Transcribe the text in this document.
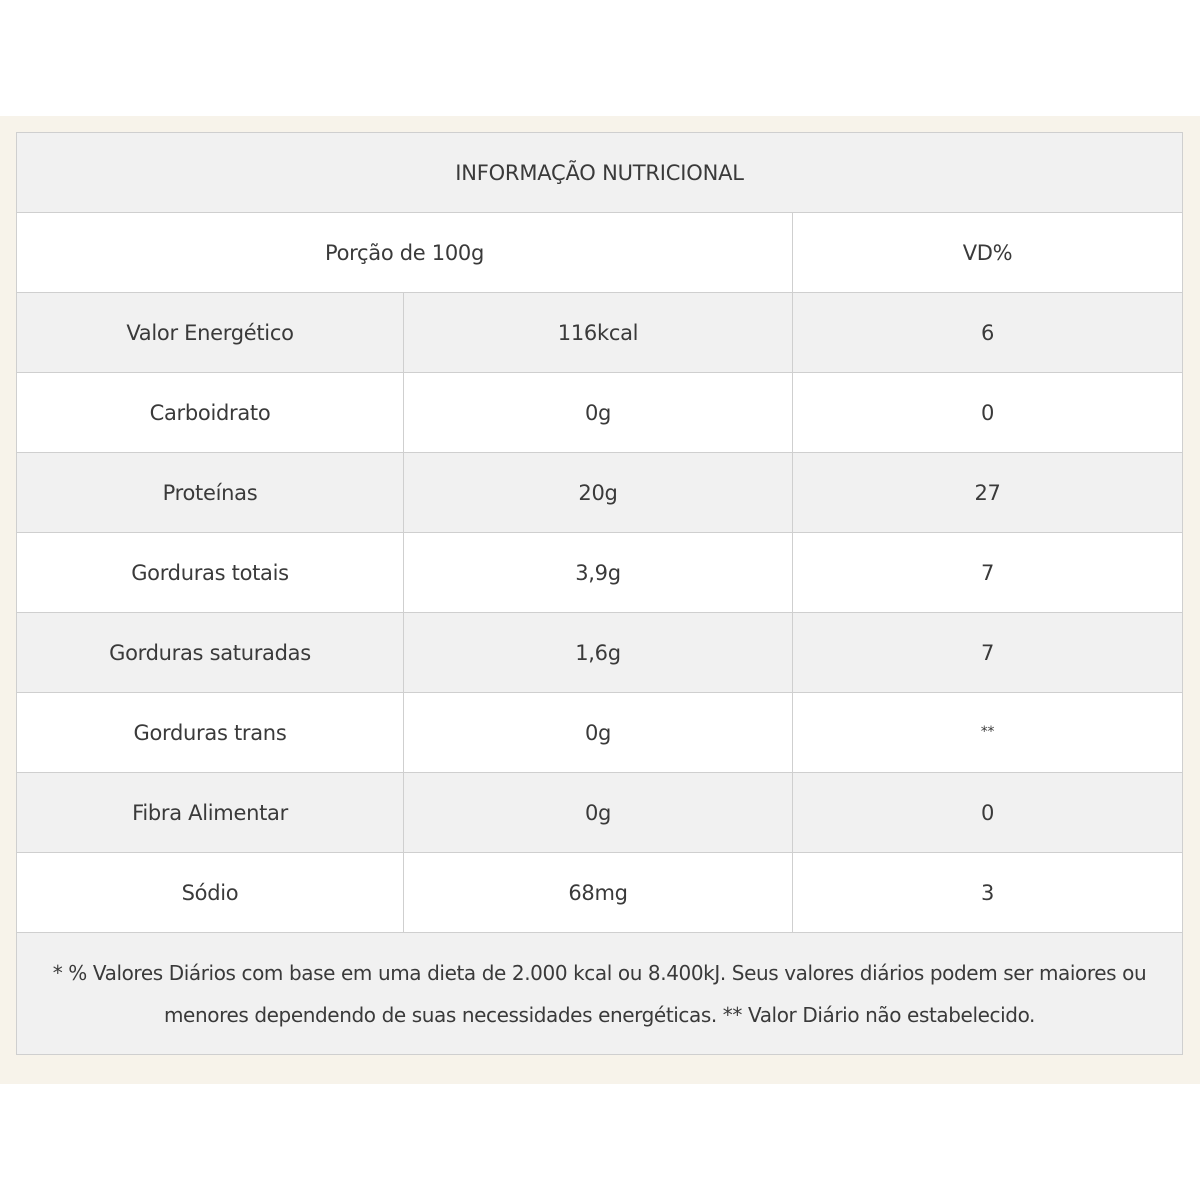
INFORMAÇÃO NUTRICIONAL		
Porção de 100g		VD%
Valor Energético	116kcal	6
Carboidrato	0g	0
Proteínas	20g	27
Gorduras totais	3,9g	7
Gorduras saturadas	1,6g	7
Gorduras trans	0g	**
Fibra Alimentar	0g	0
Sódio	68mg	3
* % Valores Diários com base em uma dieta de 2.000 kcal ou 8.400kJ. Seus valores diários podem ser maiores ou menores dependendo de suas necessidades energéticas. ** Valor Diário não estabelecido.		
